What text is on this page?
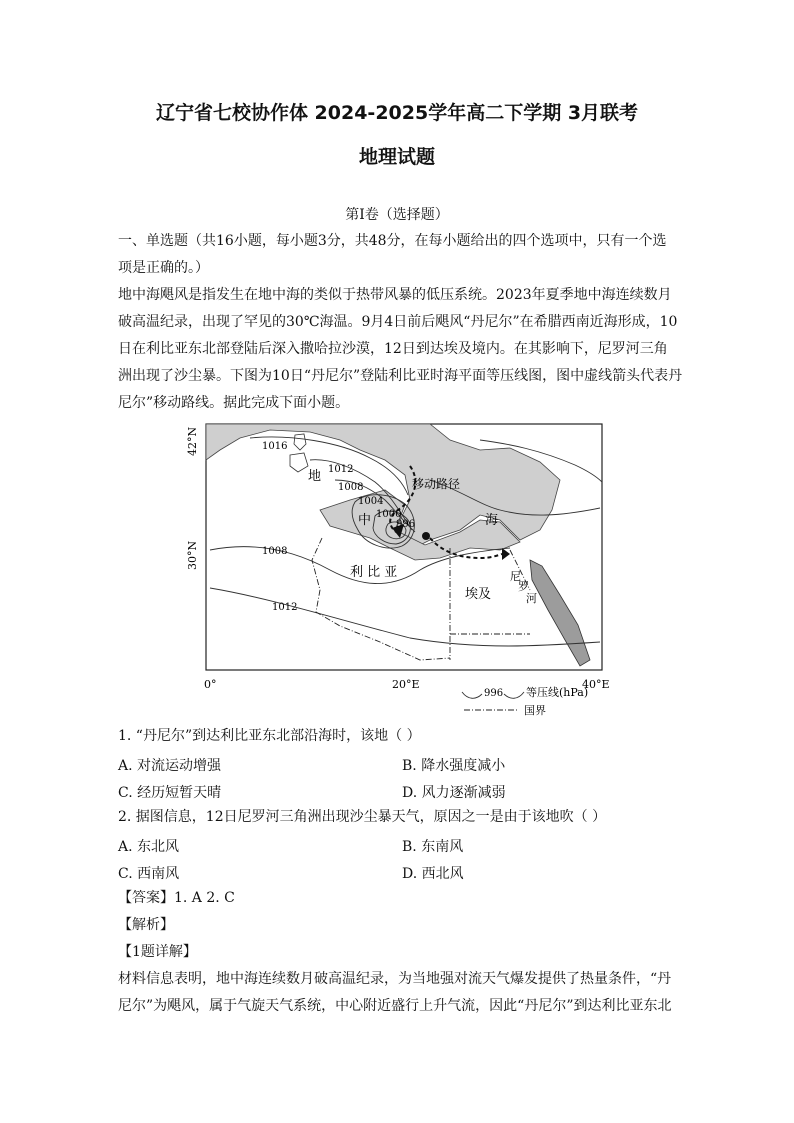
辽宁省七校协作体 2024-2025学年高二下学期 3月联考
地理试题
第Ⅰ卷（选择题）
一、单选题（共16小题，每小题3分，共48分，在每小题给出的四个选项中，只有一个选
项是正确的。）
地中海飓风是指发生在地中海的类似于热带风暴的低压系统。2023年夏季地中海连续数月
破高温纪录，出现了罕见的30℃海温。9月4日前后飓风“丹尼尔”在希腊西南近海形成，10
日在利比亚东北部登陆后深入撒哈拉沙漠，12日到达埃及境内。在其影响下，尼罗河三角
洲出现了沙尘暴。下图为10日“丹尼尔”登陆利比亚时海平面等压线图，图中虚线箭头代表丹
尼尔”移动路线。据此完成下面小题。
1016
1012
1008
1004
1000
996
1008
1012
地
中	海
利 比 亚
埃及
尼
罗
河
移动路径
42°N
30°N
0°	20°E	40°E
996 等压线(hPa)
国界
1. “丹尼尔”到达利比亚东北部沿海时，该地（ ）
A. 对流运动增强	B. 降水强度减小
C. 经历短暂天晴	D. 风力逐渐减弱
2. 据图信息，12日尼罗河三角洲出现沙尘暴天气，原因之一是由于该地吹（ ）
A. 东北风	B. 东南风
C. 西南风	D. 西北风
【答案】1. A 2. C
【解析】
【1题详解】
材料信息表明，地中海连续数月破高温纪录，为当地强对流天气爆发提供了热量条件，“丹
尼尔”为飓风，属于气旋天气系统，中心附近盛行上升气流，因此“丹尼尔”到达利比亚东北
